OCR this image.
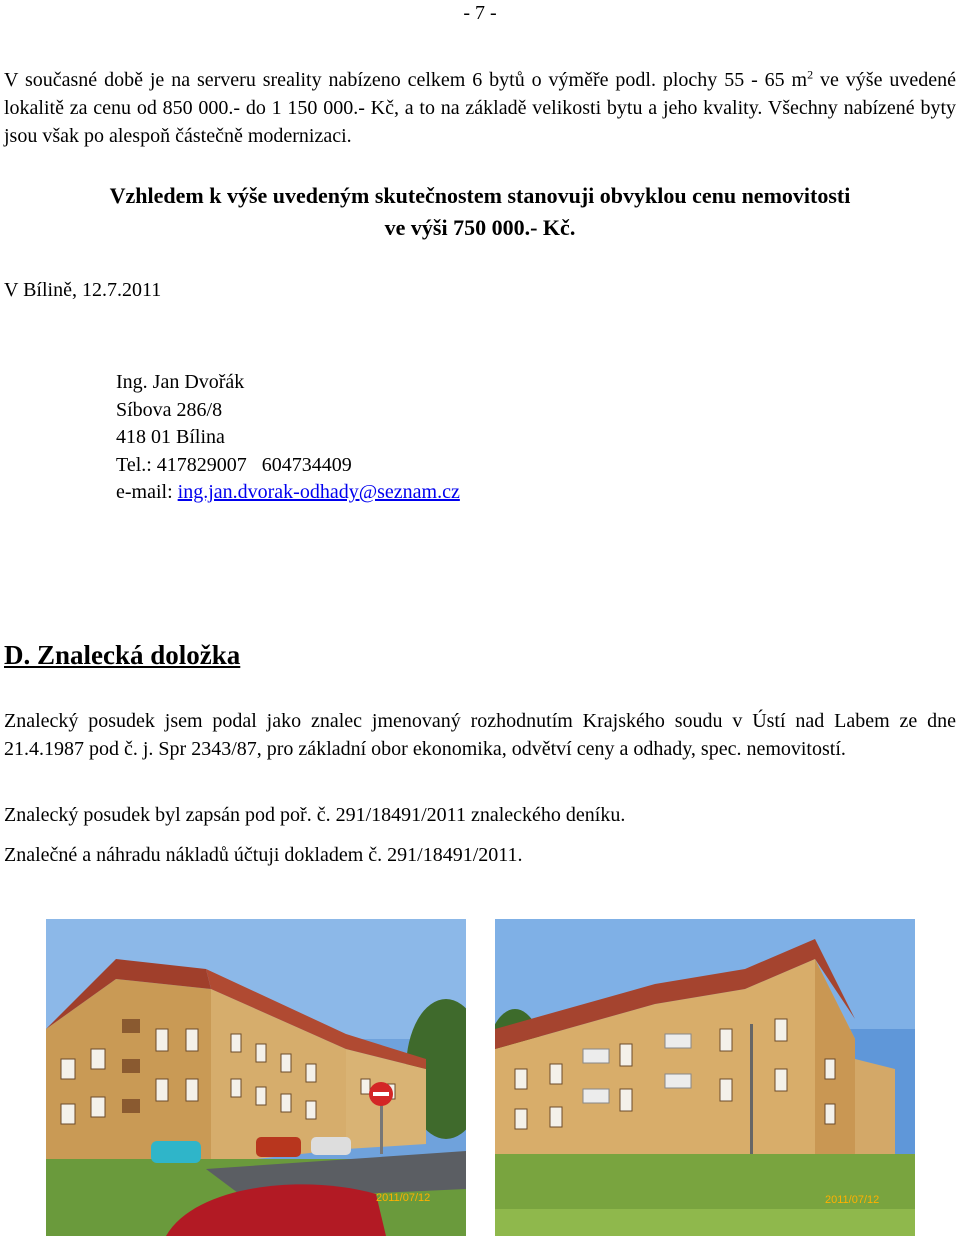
- 7 -
V současné době je na serveru sreality nabízeno celkem 6 bytů o výměře podl. plochy 55 - 65 $m^2$ ve výše uvedené lokalitě za cenu od 850 000.- do 1 150 000.- Kč, a to na základě velikosti bytu a jeho kvality. Všechny nabízené byty jsou však po alespoň částečně modernizaci.
Vzhledem k výše uvedeným skutečnostem stanovuji obvyklou cenu nemovitosti
ve výši 750 000.- Kč.
V Bílině, 12.7.2011
Ing. Jan Dvořák
Síbova 286/8
418 01 Bílina
Tel.: 417829007   604734409
e-mail: ing.jan.dvorak-odhady@seznam.cz
D. Znalecká doložka
Znalecký posudek jsem podal jako znalec jmenovaný rozhodnutím Krajského soudu v Ústí nad Labem ze dne 21.4.1987 pod č. j. Spr 2343/87, pro základní obor ekonomika, odvětví ceny a odhady, spec. nemovitostí.
Znalecký posudek byl zapsán pod poř. č. 291/18491/2011 znaleckého deníku.
Znalečné a náhradu nákladů účtuji dokladem č. 291/18491/2011.
2011/07/12	2011/07/12
